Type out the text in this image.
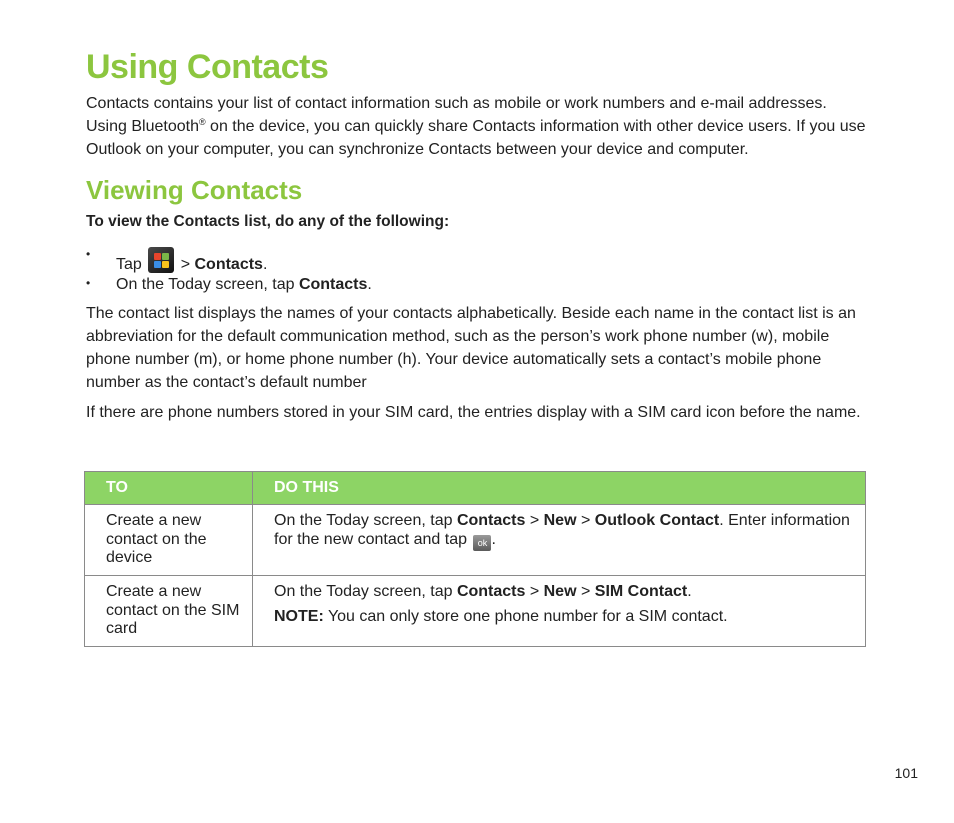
Using Contacts

Contacts contains your list of contact information such as mobile or work numbers and e-mail addresses. Using Bluetooth® on the device, you can quickly share Contacts information with other device users. If you use Outlook on your computer, you can synchronize Contacts between your device and computer.

Viewing Contacts

To view the Contacts list, do any of the following:

•
Tap
> Contacts.
• On the Today screen, tap Contacts.

The contact list displays the names of your contacts alphabetically. Beside each name in the contact list is an abbreviation for the default communication method, such as the person’s work phone number (w), mobile phone number (m), or home phone number (h). Your device automatically sets a contact’s mobile phone number as the contact’s default number

If there are phone numbers stored in your SIM card, the entries display with a SIM card icon before the name.

TO	DO THIS
Create a new contact on the device	On the Today screen, tap Contacts > New > Outlook Contact. Enter information for the new contact and tap ok .
Create a new contact on the SIM card	On the Today screen, tap Contacts > New > SIM Contact.
NOTE: You can only store one phone number for a SIM contact.
101
